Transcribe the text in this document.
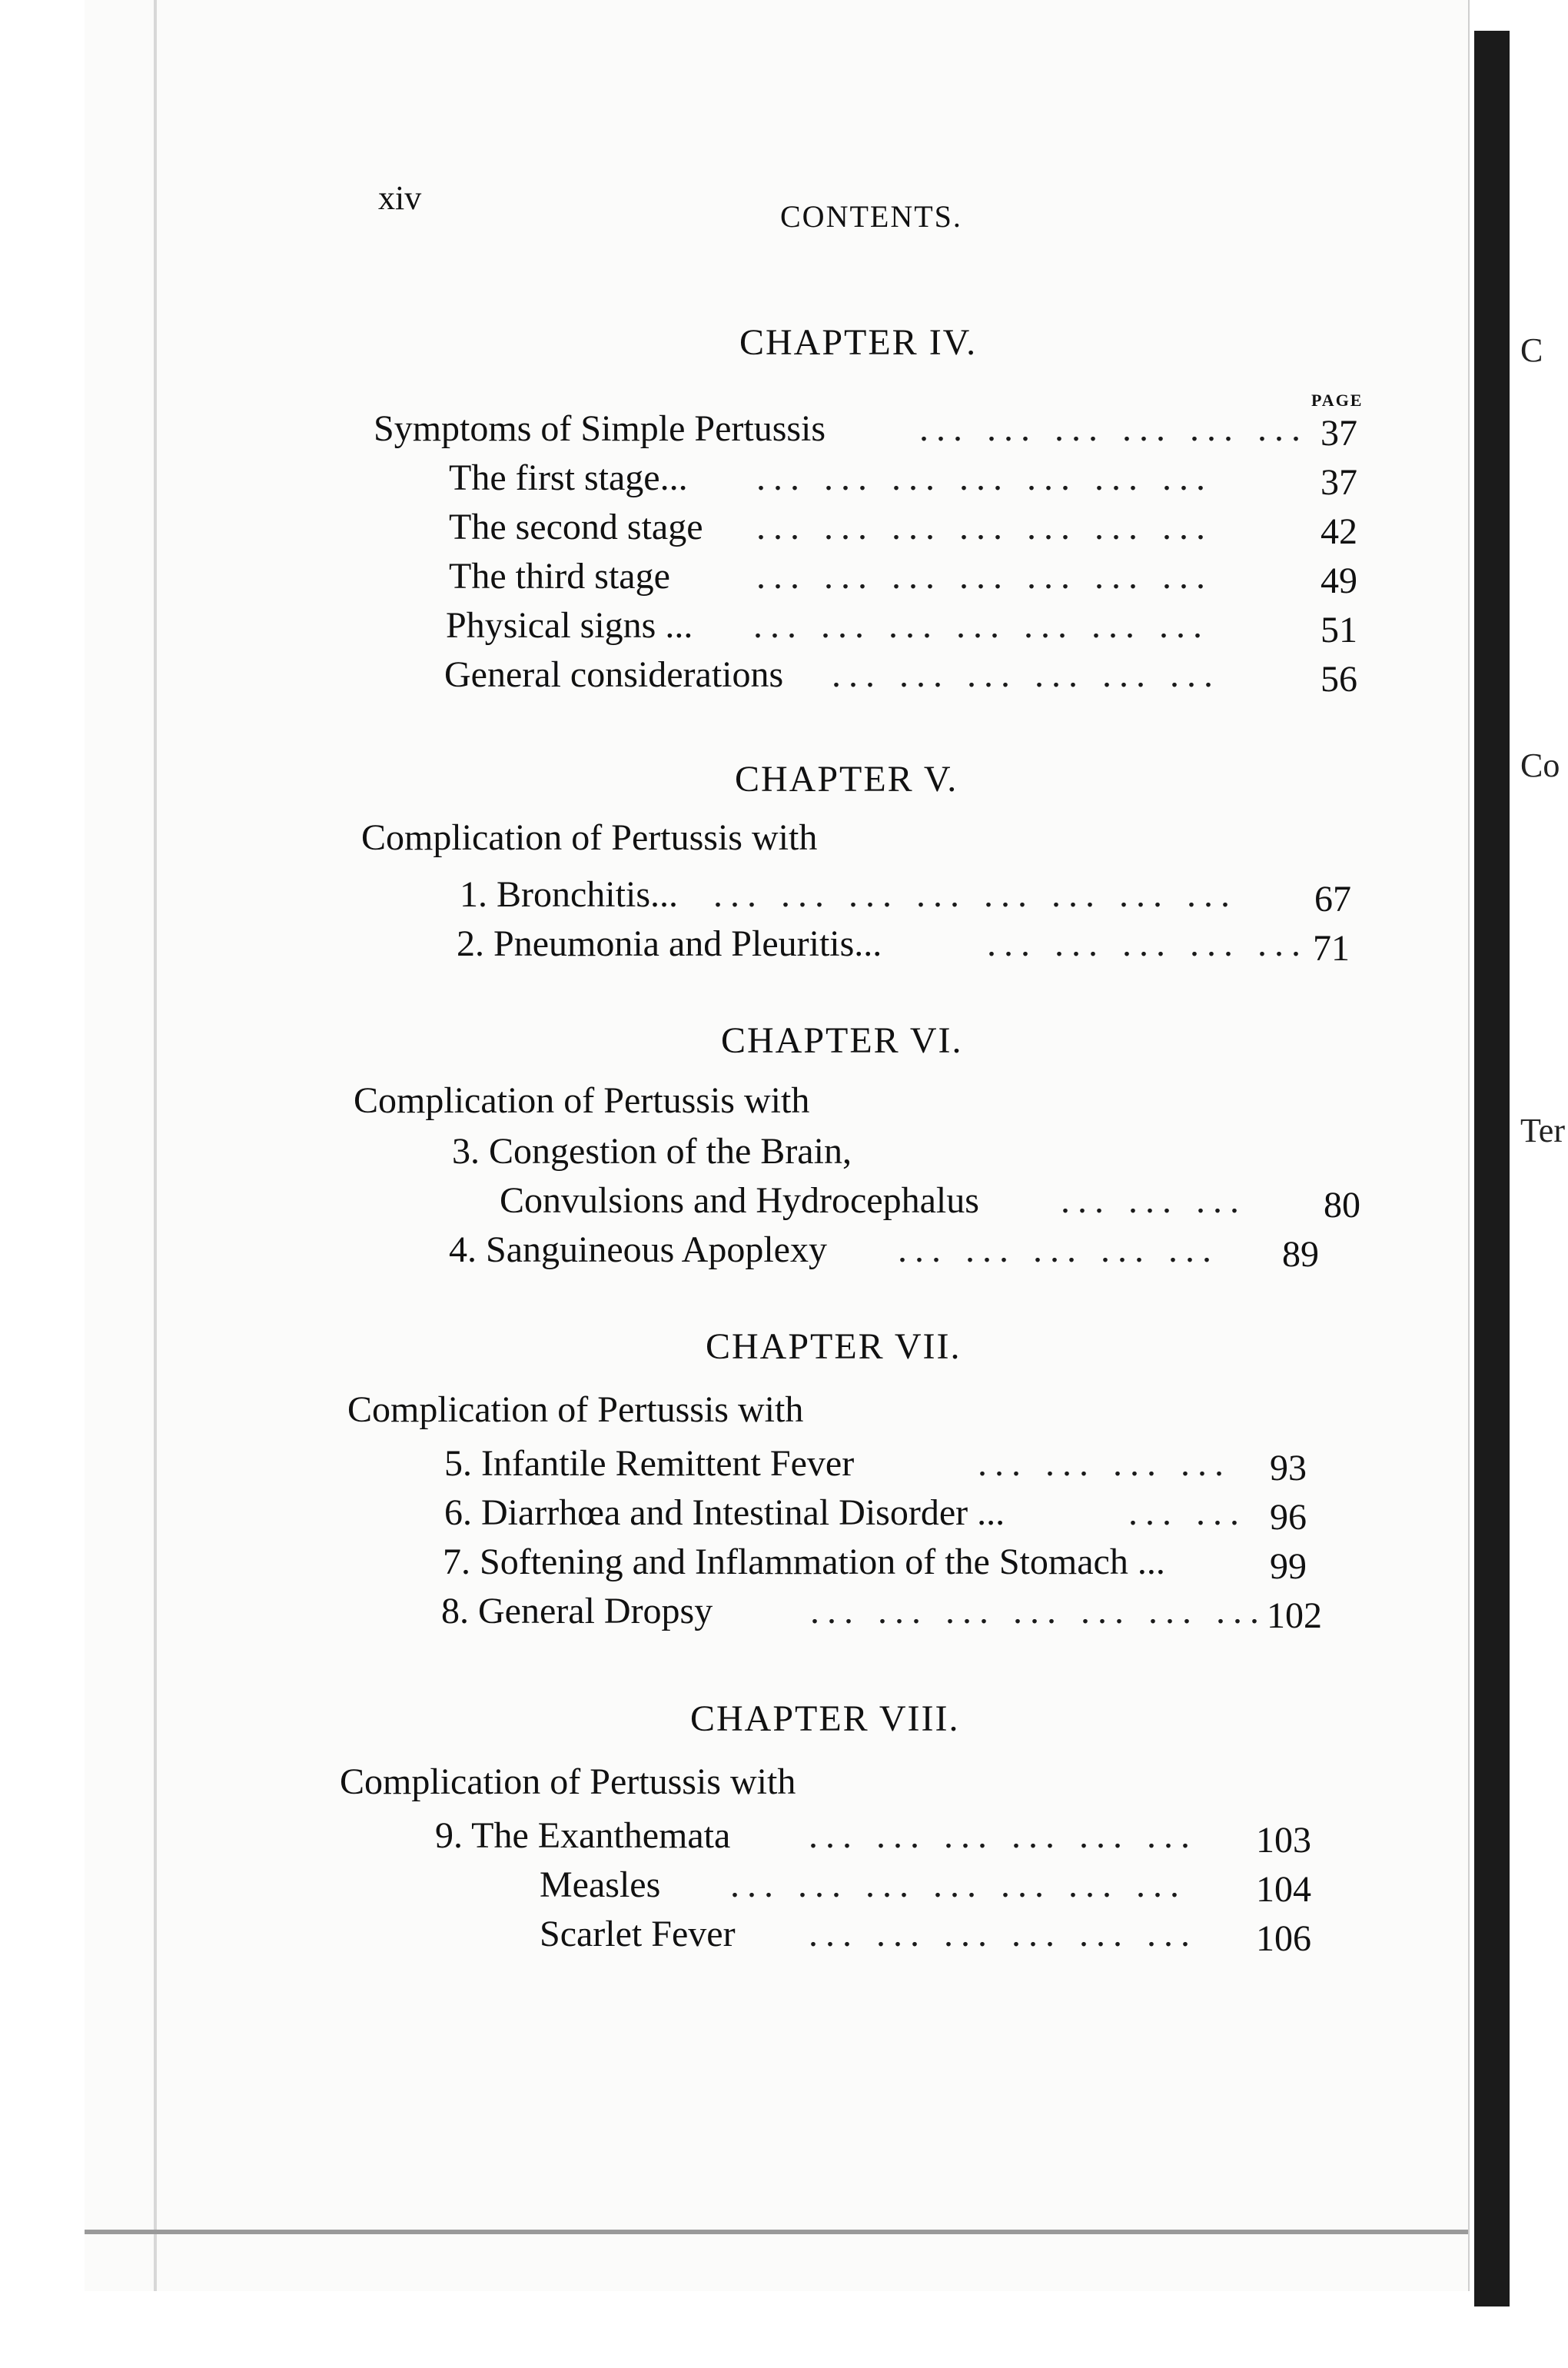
C
Co
Ter
xiv	CONTENTS.
PAGE
CHAPTER IV.
Symptoms of Simple Pertussis	... ... ... ... ... ... 37
The first stage... ... ... ... ... ... ... ...	37
The second stage ... ... ... ... ... ... ...	42
The third stage ... ... ... ... ... ... ...	49
Physical signs ... ... ... ... ... ... ... ...	51
General considerations ... ... ... ... ... ...	56
CHAPTER V.
Complication of Pertussis with
1. Bronchitis... ... ... ... ... ... ... ... ...	67
2. Pneumonia and Pleuritis...	... ... ... ... ... 71
CHAPTER VI.
Complication of Pertussis with
3. Congestion of the Brain,
Convulsions and Hydrocephalus ... ... ...	80
4. Sanguineous Apoplexy ... ... ... ... ...	89
CHAPTER VII.
Complication of Pertussis with
5. Infantile Remittent Fever	... ... ... ...	93
6. Diarrhœa and Intestinal Disorder ...	... ... 96
7. Softening and Inflammation of the Stomach ...	99
8. General Dropsy	... ... ... ... ... ... ... 102
CHAPTER VIII.
Complication of Pertussis with
9. The Exanthemata ... ... ... ... ... ...	103
Measles ... ... ... ... ... ... ...	104
Scarlet Fever ... ... ... ... ... ...	106
